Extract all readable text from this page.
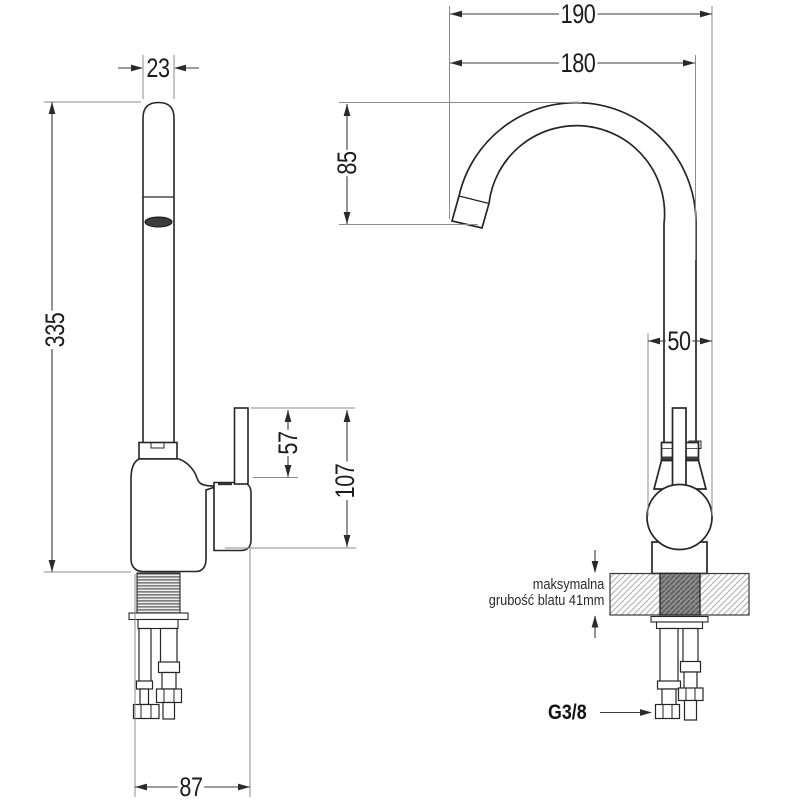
190
180
23
85
335	50
57
107
87
maksymalna
grubość blatu 41mm
G3/8
